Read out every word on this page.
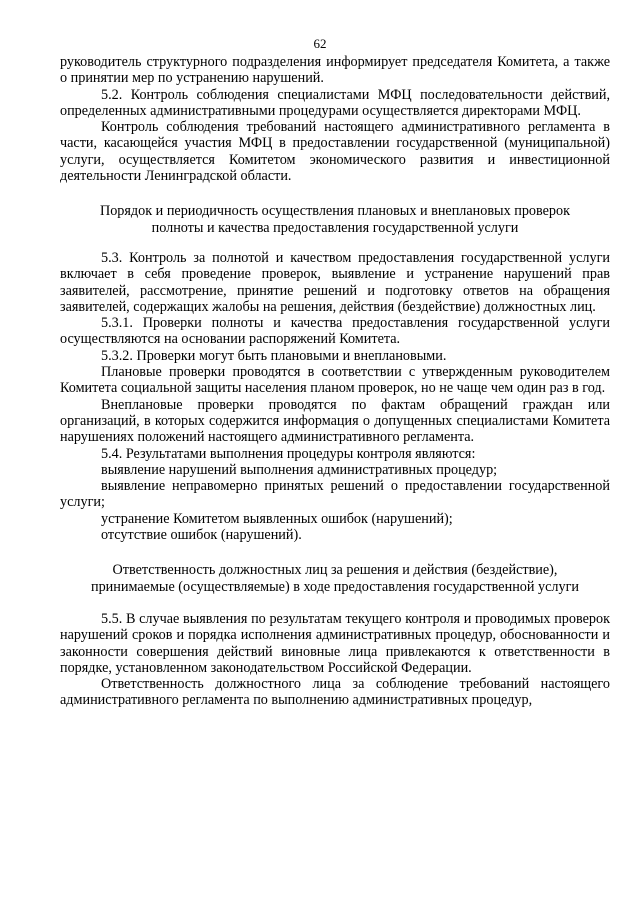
62

руководитель структурного подразделения информирует председателя Комитета, а также о принятии мер по устранению нарушений.

5.2. Контроль соблюдения специалистами МФЦ последовательности действий, определенных административными процедурами осуществляется директорами МФЦ.

Контроль соблюдения требований настоящего административного регламента в части, касающейся участия МФЦ в предоставлении государственной (муниципальной) услуги, осуществляется Комитетом экономического развития и инвестиционной деятельности Ленинградской области.

Порядок и периодичность осуществления плановых и внеплановых проверок
полноты и качества предоставления государственной услуги

5.3. Контроль за полнотой и качеством предоставления государственной услуги включает в себя проведение проверок, выявление и устранение нарушений прав заявителей, рассмотрение, принятие решений и подготовку ответов на обращения заявителей, содержащих жалобы на решения, действия (бездействие) должностных лиц.

5.3.1. Проверки полноты и качества предоставления государственной услуги осуществляются на основании распоряжений Комитета.

5.3.2. Проверки могут быть плановыми и внеплановыми.

Плановые проверки проводятся в соответствии с утвержденным руководителем Комитета социальной защиты населения планом проверок, но не чаще чем один раз в год.

Внеплановые проверки проводятся по фактам обращений граждан или организаций, в которых содержится информация о допущенных специалистами Комитета нарушениях положений настоящего административного регламента.

5.4. Результатами выполнения процедуры контроля являются:

выявление нарушений выполнения административных процедур;

выявление неправомерно принятых решений о предоставлении государственной услуги;

устранение Комитетом выявленных ошибок (нарушений);

отсутствие ошибок (нарушений).

Ответственность должностных лиц за решения и действия (бездействие),
принимаемые (осуществляемые) в ходе предоставления государственной услуги

5.5. В случае выявления по результатам текущего контроля и проводимых проверок нарушений сроков и порядка исполнения административных процедур, обоснованности и законности совершения действий виновные лица привлекаются к ответственности в порядке, установленном законодательством Российской Федерации.

Ответственность должностного лица за соблюдение требований настоящего административного регламента по выполнению административных процедур,
